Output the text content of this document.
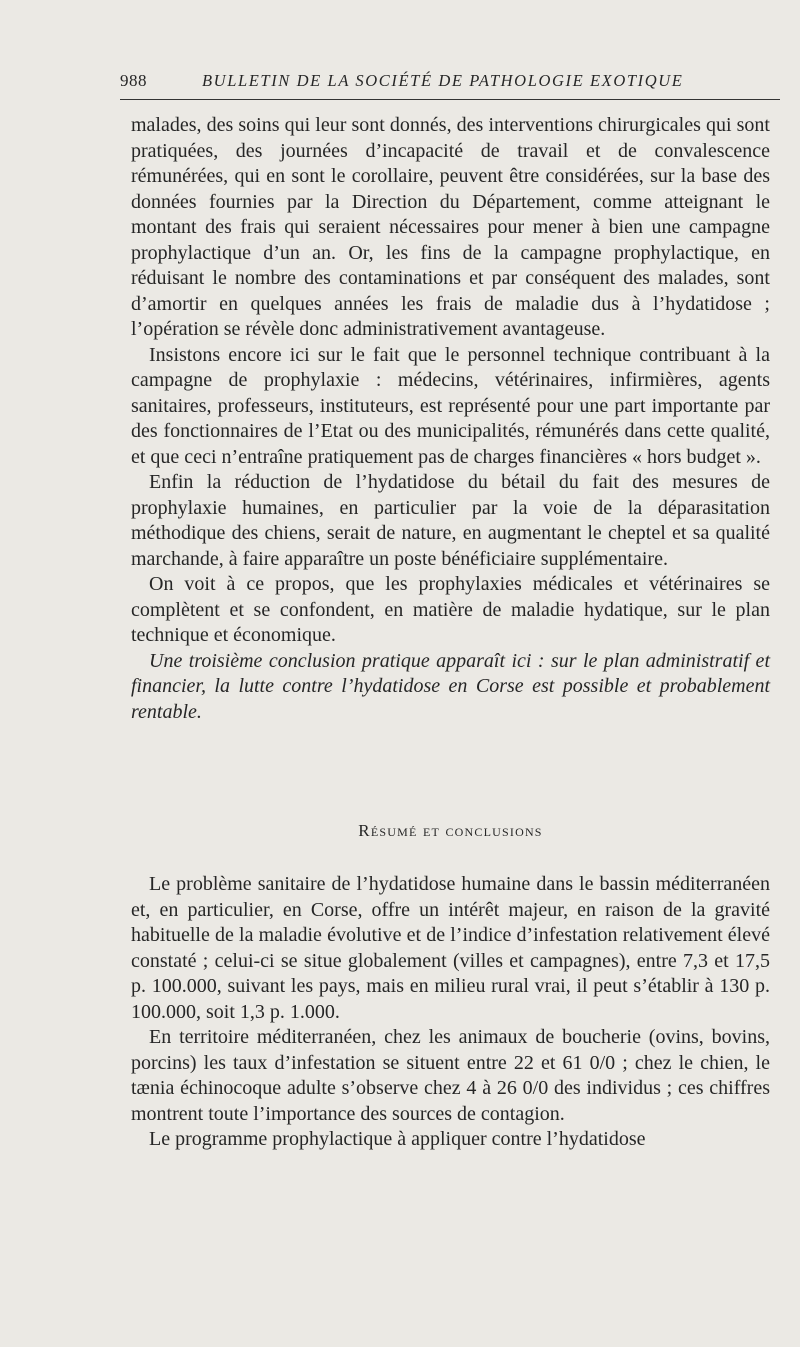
988	BULLETIN DE LA SOCIÉTÉ DE PATHOLOGIE EXOTIQUE

malades, des soins qui leur sont donnés, des interventions chirurgicales qui sont pratiquées, des journées d’incapacité de travail et de convalescence rémunérées, qui en sont le corollaire, peuvent être considérées, sur la base des données fournies par la Direction du Département, comme atteignant le montant des frais qui seraient nécessaires pour mener à bien une campagne prophylactique d’un an. Or, les fins de la campagne prophylactique, en réduisant le nombre des contaminations et par conséquent des malades, sont d’amortir en quelques années les frais de maladie dus à l’hydatidose ; l’opération se révèle donc administrativement avantageuse.

Insistons encore ici sur le fait que le personnel technique contribuant à la campagne de prophylaxie : médecins, vétérinaires, infirmières, agents sanitaires, professeurs, instituteurs, est représenté pour une part importante par des fonctionnaires de l’Etat ou des municipalités, rémunérés dans cette qualité, et que ceci n’entraîne pratiquement pas de charges financières « hors budget ».

Enfin la réduction de l’hydatidose du bétail du fait des mesures de prophylaxie humaines, en particulier par la voie de la déparasitation méthodique des chiens, serait de nature, en augmentant le cheptel et sa qualité marchande, à faire apparaître un poste bénéficiaire supplémentaire.

On voit à ce propos, que les prophylaxies médicales et vétérinaires se complètent et se confondent, en matière de maladie hydatique, sur le plan technique et économique.

Une troisième conclusion pratique apparaît ici : sur le plan administratif et financier, la lutte contre l’hydatidose en Corse est possible et probablement rentable.

Résumé et conclusions

Le problème sanitaire de l’hydatidose humaine dans le bassin méditerranéen et, en particulier, en Corse, offre un intérêt majeur, en raison de la gravité habituelle de la maladie évolutive et de l’indice d’infestation relativement élevé constaté ; celui-ci se situe globalement (villes et campagnes), entre 7,3 et 17,5 p. 100.000, suivant les pays, mais en milieu rural vrai, il peut s’établir à 130 p. 100.000, soit 1,3 p. 1.000.

En territoire méditerranéen, chez les animaux de boucherie (ovins, bovins, porcins) les taux d’infestation se situent entre 22 et 61 0/0 ; chez le chien, le tænia échinocoque adulte s’observe chez 4 à 26 0/0 des individus ; ces chiffres montrent toute l’importance des sources de contagion.

Le programme prophylactique à appliquer contre l’hydatidose
